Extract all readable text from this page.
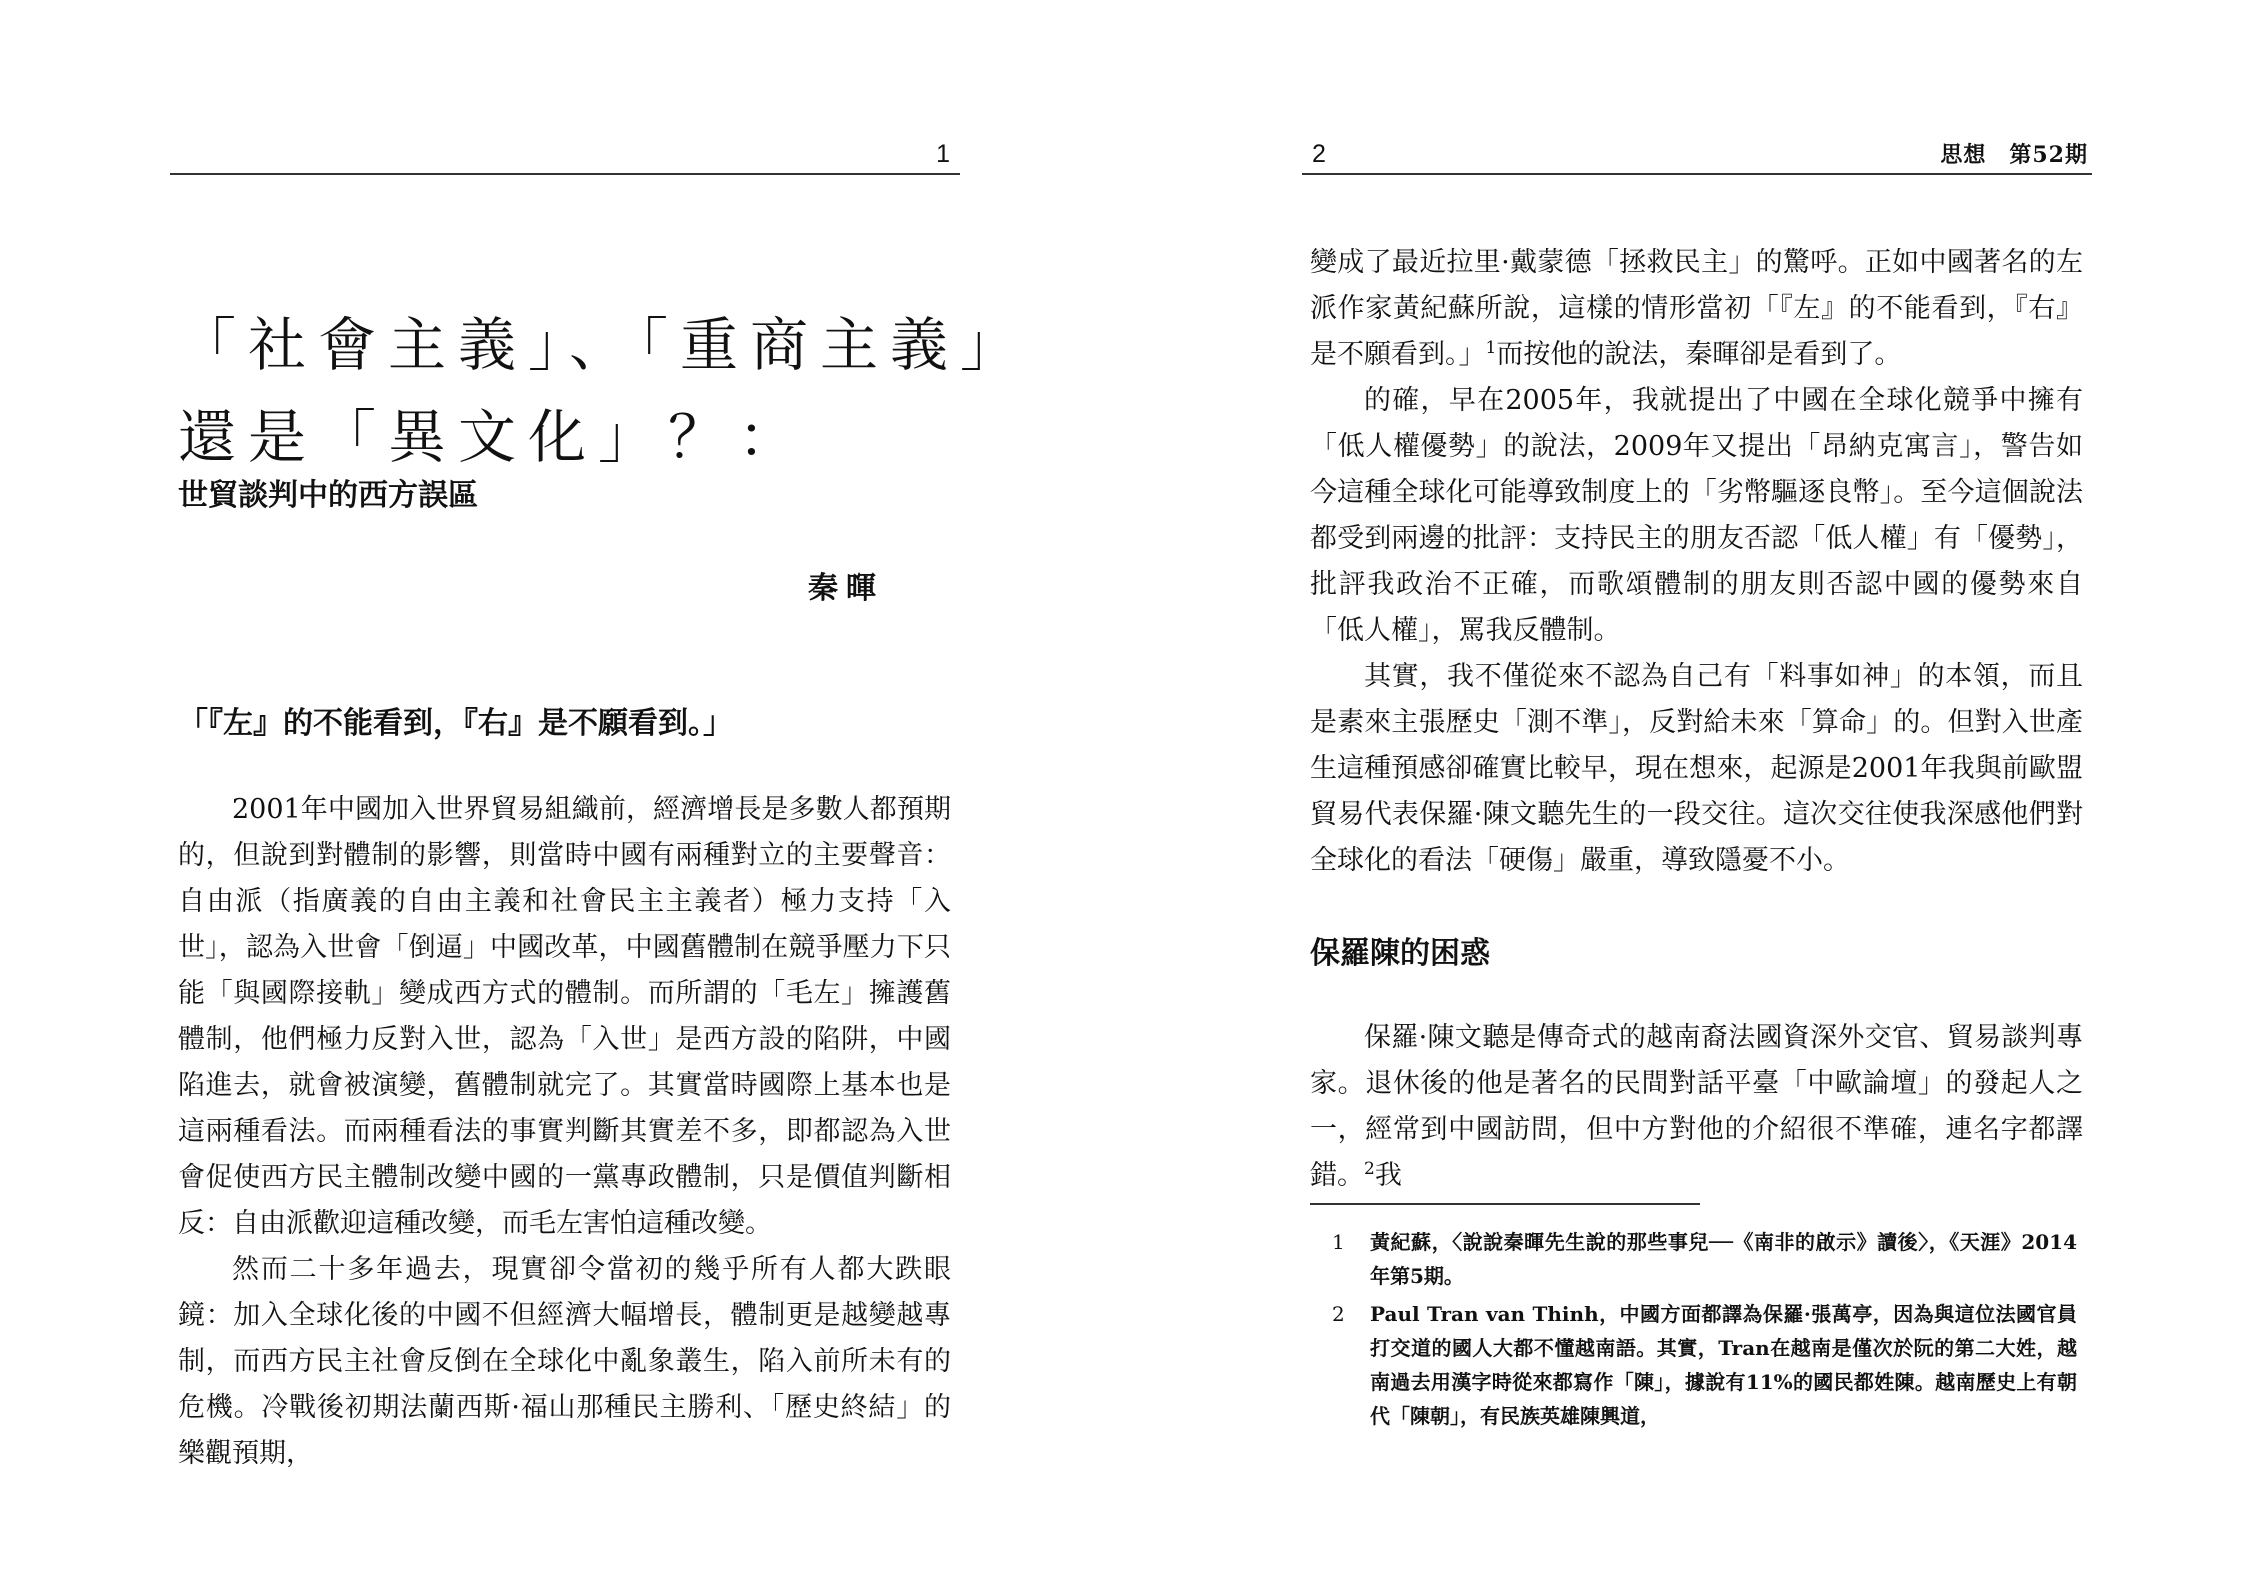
1
「社會主義」、「重商主義」
還是「異文化」？：
世貿談判中的西方誤區
秦暉
「『左』的不能看到，『右』是不願看到。」

2001年中國加入世界貿易組織前，經濟增長是多數人都預期的，但說到對體制的影響，則當時中國有兩種對立的主要聲音：自由派（指廣義的自由主義和社會民主主義者）極力支持「入世」，認為入世會「倒逼」中國改革，中國舊體制在競爭壓力下只能「與國際接軌」變成西方式的體制。而所謂的「毛左」擁護舊體制，他們極力反對入世，認為「入世」是西方設的陷阱，中國陷進去，就會被演變，舊體制就完了。其實當時國際上基本也是這兩種看法。而兩種看法的事實判斷其實差不多，即都認為入世會促使西方民主體制改變中國的一黨專政體制，只是價值判斷相反：自由派歡迎這種改變，而毛左害怕這種改變。

然而二十多年過去，現實卻令當初的幾乎所有人都大跌眼鏡：加入全球化後的中國不但經濟大幅增長，體制更是越變越專制，而西方民主社會反倒在全球化中亂象叢生，陷入前所未有的危機。冷戰後初期法蘭西斯·福山那種民主勝利、「歷史終結」的樂觀預期，

2	思想　第52期

變成了最近拉里·戴蒙德「拯救民主」的驚呼。正如中國著名的左派作家黃紀蘇所說，這樣的情形當初「『左』的不能看到，『右』是不願看到。」$^1$而按他的說法，秦暉卻是看到了。

的確，早在2005年，我就提出了中國在全球化競爭中擁有「低人權優勢」的說法，2009年又提出「昂納克寓言」，警告如今這種全球化可能導致制度上的「劣幣驅逐良幣」。至今這個說法都受到兩邊的批評：支持民主的朋友否認「低人權」有「優勢」，批評我政治不正確，而歌頌體制的朋友則否認中國的優勢來自「低人權」，罵我反體制。

其實，我不僅從來不認為自己有「料事如神」的本領，而且是素來主張歷史「測不準」，反對給未來「算命」的。但對入世產生這種預感卻確實比較早，現在想來，起源是2001年我與前歐盟貿易代表保羅·陳文聽先生的一段交往。這次交往使我深感他們對全球化的看法「硬傷」嚴重，導致隱憂不小。

保羅陳的困惑

保羅·陳文聽是傳奇式的越南裔法國資深外交官、貿易談判專家。退休後的他是著名的民間對話平臺「中歐論壇」的發起人之一，經常到中國訪問，但中方對他的介紹很不準確，連名字都譯錯。$^2$我

1	黃紀蘇，〈說說秦暉先生說的那些事兒──《南非的啟示》讀後〉，《天涯》2014年第5期。
2	Paul Tran van Thinh，中國方面都譯為保羅·張萬亭，因為與這位法國官員打交道的國人大都不懂越南語。其實，Tran在越南是僅次於阮的第二大姓，越南過去用漢字時從來都寫作「陳」，據說有11%的國民都姓陳。越南歷史上有朝代「陳朝」，有民族英雄陳興道，
